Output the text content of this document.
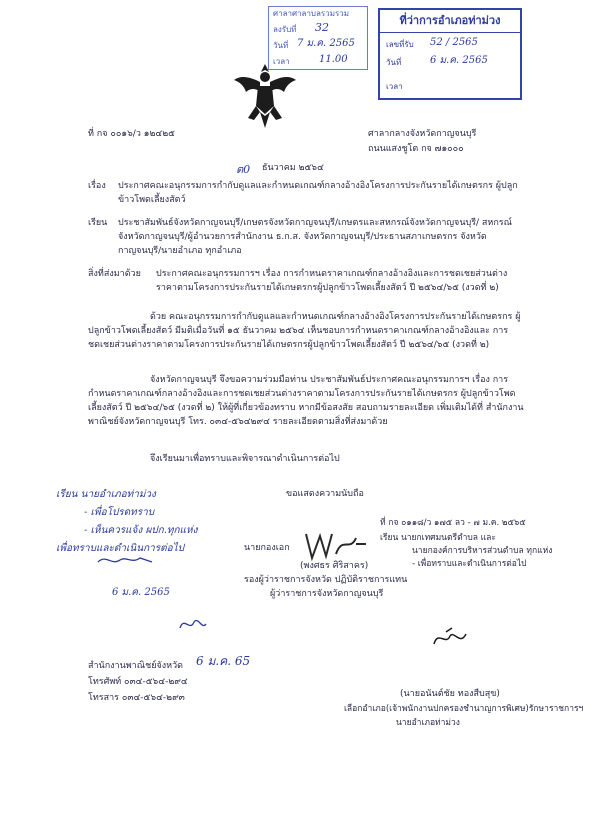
ศาลาศาลาบลรวมรวม
ลงรับที่ 32
วันที่ 7 ม.ค. 2565
เวลา	11.00
ที่ว่าการอำเภอท่าม่วง
เลขที่รับ 52 / 2565
วันที่	6 ม.ค. 2565
เวลา
ที่ กจ ๐๐๑๖/ว ๑๒๔๒๕	ศาลากลางจังหวัดกาญจนบุรี
ถนนแสงชูโต กจ ๗๑๐๐๐
ต0 ธันวาคม ๒๕๖๔
เรื่อง ประกาศคณะอนุกรรมการกำกับดูแลและกำหนดเกณฑ์กลางอ้างอิงโครงการประกันรายได้เกษตรกร ผู้ปลูกข้าวโพดเลี้ยงสัตว์
เรียน ประชาสัมพันธ์จังหวัดกาญจนบุรี/เกษตรจังหวัดกาญจนบุรี/เกษตรและสหกรณ์จังหวัดกาญจนบุรี/ สหกรณ์จังหวัดกาญจนบุรี/ผู้อำนวยการสำนักงาน ธ.ก.ส. จังหวัดกาญจนบุรี/ประธานสภาเกษตรกร จังหวัดกาญจนบุรี/นายอำเภอ ทุกอำเภอ
สิ่งที่ส่งมาด้วย ประกาศคณะอนุกรรมการฯ เรื่อง การกำหนดราคาเกณฑ์กลางอ้างอิงและการชดเชยส่วนต่าง ราคาตามโครงการประกันรายได้เกษตรกรผู้ปลูกข้าวโพดเลี้ยงสัตว์ ปี ๒๕๖๔/๖๕ (งวดที่ ๒)
ด้วย คณะอนุกรรมการกำกับดูแลและกำหนดเกณฑ์กลางอ้างอิงโครงการประกันรายได้เกษตรกร ผู้ปลูกข้าวโพดเลี้ยงสัตว์ มีมติเมื่อวันที่ ๑๕ ธันวาคม ๒๕๖๔ เห็นชอบการกำหนดราคาเกณฑ์กลางอ้างอิงและ การชดเชยส่วนต่างราคาตามโครงการประกันรายได้เกษตรกรผู้ปลูกข้าวโพดเลี้ยงสัตว์ ปี ๒๕๖๔/๖๕ (งวดที่ ๒)
จังหวัดกาญจนบุรี จึงขอความร่วมมือท่าน ประชาสัมพันธ์ประกาศคณะอนุกรรมการฯ เรื่อง การกำหนดราคาเกณฑ์กลางอ้างอิงและการชดเชยส่วนต่างราคาตามโครงการประกันรายได้เกษตรกร ผู้ปลูกข้าวโพดเลี้ยงสัตว์ ปี ๒๕๖๔/๖๕ (งวดที่ ๒) ให้ผู้ที่เกี่ยวข้องทราบ หากมีข้อสงสัย สอบถามรายละเอียด เพิ่มเติมได้ที่ สำนักงานพาณิชย์จังหวัดกาญจนบุรี โทร. ๐๓๔-๕๖๔๒๙๔ รายละเอียดตามสิ่งที่ส่งมาด้วย
จึงเรียนมาเพื่อทราบและพิจารณาดำเนินการต่อไป
ขอแสดงความนับถือ
เรียน นายอำเภอท่าม่วง
- เพื่อโปรดทราบ
- เห็นควรแจ้ง ผปก.ทุกแห่ง
เพื่อทราบและดำเนินการต่อไป
6 ม.ค. 2565
นายกองเอก
(พงศธร ศิริสาคร)
รองผู้ว่าราชการจังหวัด ปฏิบัติราชการแทน
ผู้ว่าราชการจังหวัดกาญจนบุรี
ที่ กจ ๐๑๑๘/ว ๑๗๕ ลว - ๗ ม.ค. ๒๕๖๕
เรียน นายกเทศมนตรีตำบล และ
นายกองค์การบริหารส่วนตำบล ทุกแห่ง
- เพื่อทราบและดำเนินการต่อไป
(นายอนันต์ชัย ทองสืบสุข)
เลือกอำเภอ(เจ้าพนักงานปกครองชำนาญการพิเศษ)รักษาราชการฯ
นายอำเภอท่าม่วง
สำนักงานพาณิชย์จังหวัด 6 ม.ค. 65
โทรศัพท์ ๐๓๔-๕๖๔-๒๙๔
โทรสาร ๐๓๔-๕๖๔-๒๙๓
